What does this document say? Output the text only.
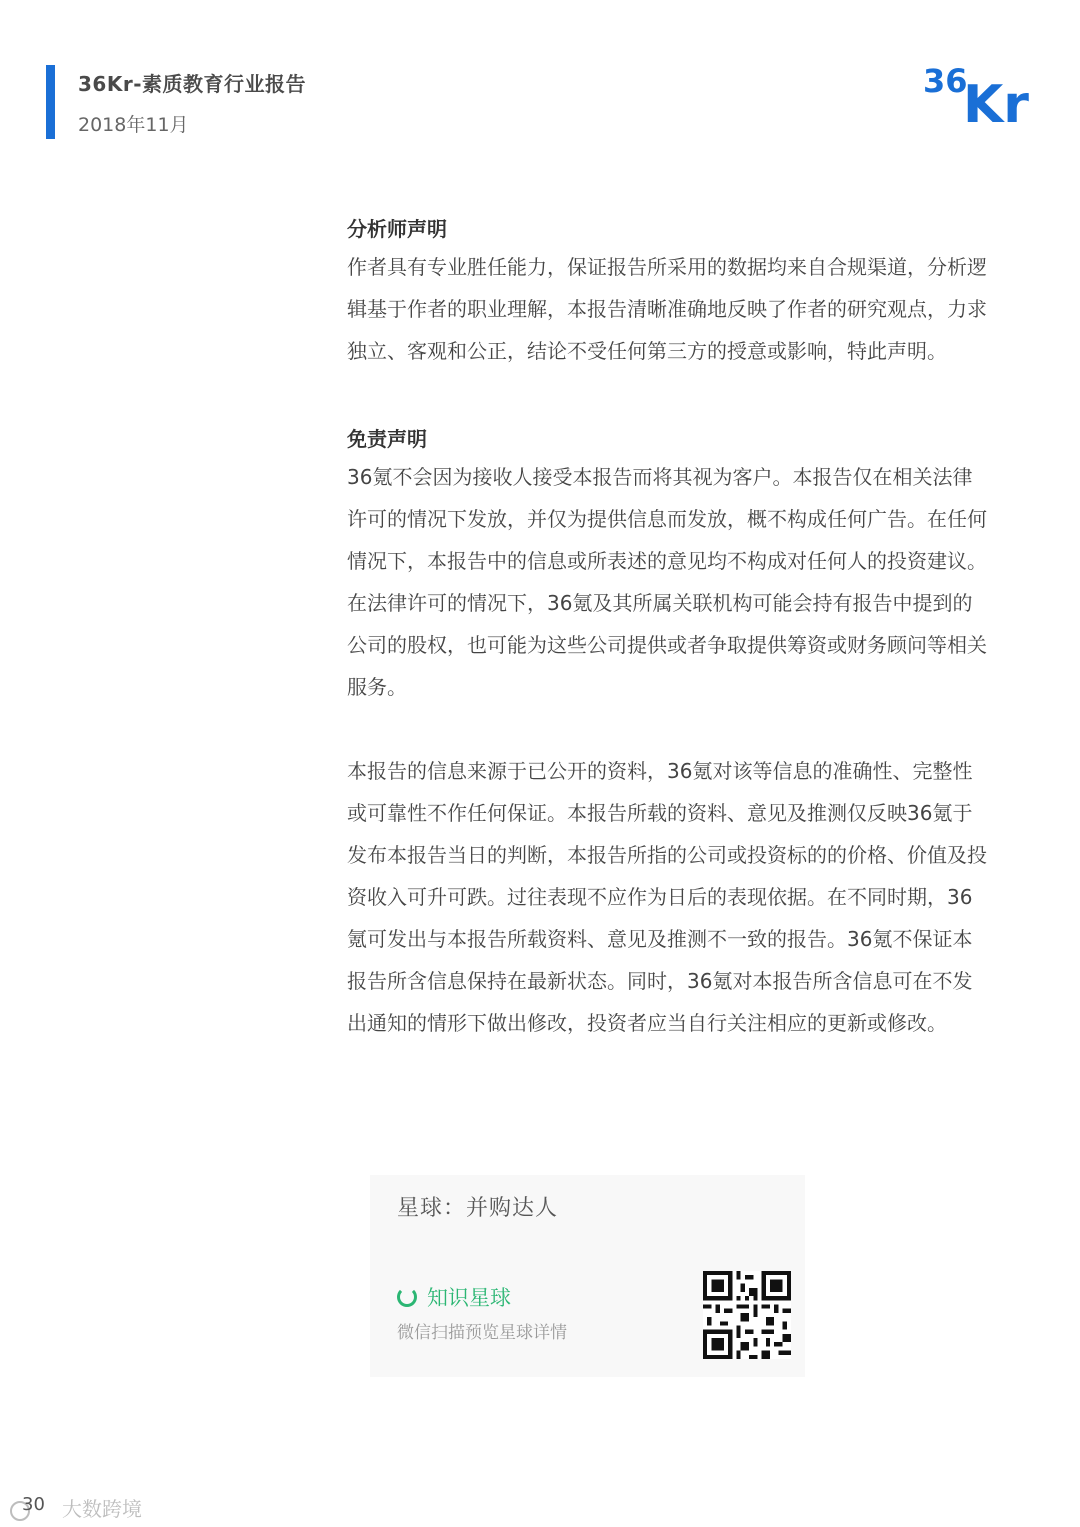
36Kr-素质教育行业报告
2018年11月
36
Kr

分析师声明

作者具有专业胜任能力，保证报告所采用的数据均来自合规渠道，分析逻辑基于作者的职业理解，本报告清晰准确地反映了作者的研究观点，力求独立、客观和公正，结论不受任何第三方的授意或影响，特此声明。

免责声明

36氪不会因为接收人接受本报告而将其视为客户。本报告仅在相关法律许可的情况下发放，并仅为提供信息而发放，概不构成任何广告。在任何情况下，本报告中的信息或所表述的意见均不构成对任何人的投资建议。在法律许可的情况下，36氪及其所属关联机构可能会持有报告中提到的公司的股权，也可能为这些公司提供或者争取提供筹资或财务顾问等相关服务。

本报告的信息来源于已公开的资料，36氪对该等信息的准确性、完整性或可靠性不作任何保证。本报告所载的资料、意见及推测仅反映36氪于发布本报告当日的判断，本报告所指的公司或投资标的的价格、价值及投资收入可升可跌。过往表现不应作为日后的表现依据。在不同时期，36氪可发出与本报告所载资料、意见及推测不一致的报告。36氪不保证本报告所含信息保持在最新状态。同时，36氪对本报告所含信息可在不发出通知的情形下做出修改，投资者应当自行关注相应的更新或修改。

星球：并购达人
知识星球
微信扫描预览星球详情
大数跨境
30
